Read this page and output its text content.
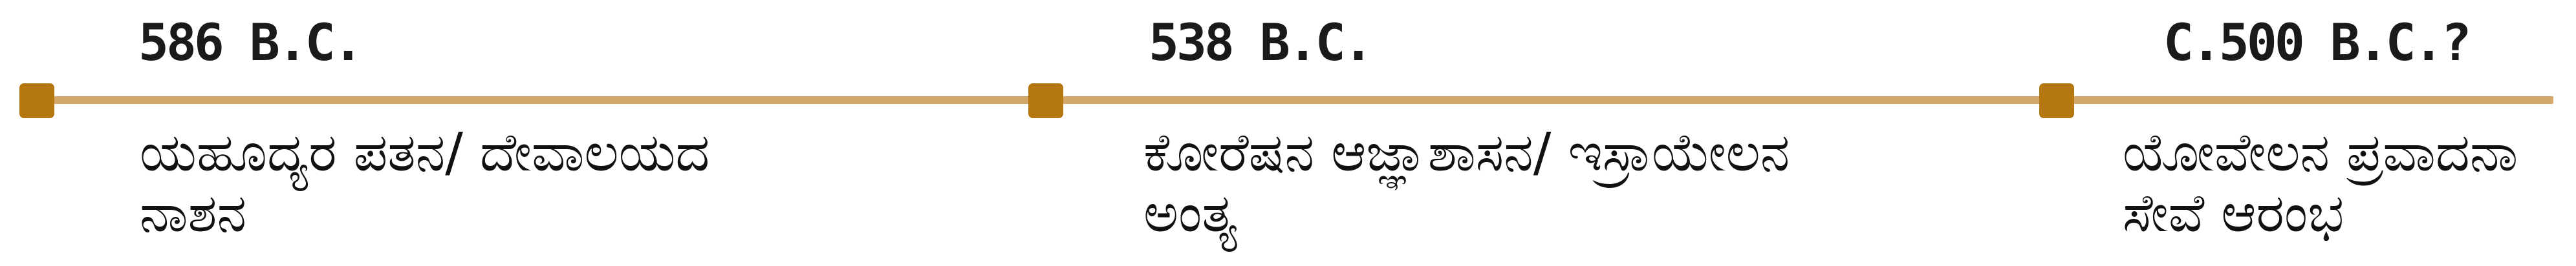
586 B.C.
ಯಹೂದ್ಯರ ಪತನ/ ದೇವಾಲಯದ
ನಾಶನ
538 B.C.
ಕೋರೆಷನ ಆಜ್ಞಾಶಾಸನ/ ಇಸ್ರಾಯೇಲನ
ಅಂತ್ಯ
C.500 B.C.?
ಯೋವೇಲನ ಪ್ರವಾದನಾ
ಸೇವೆ ಆರಂಭ
